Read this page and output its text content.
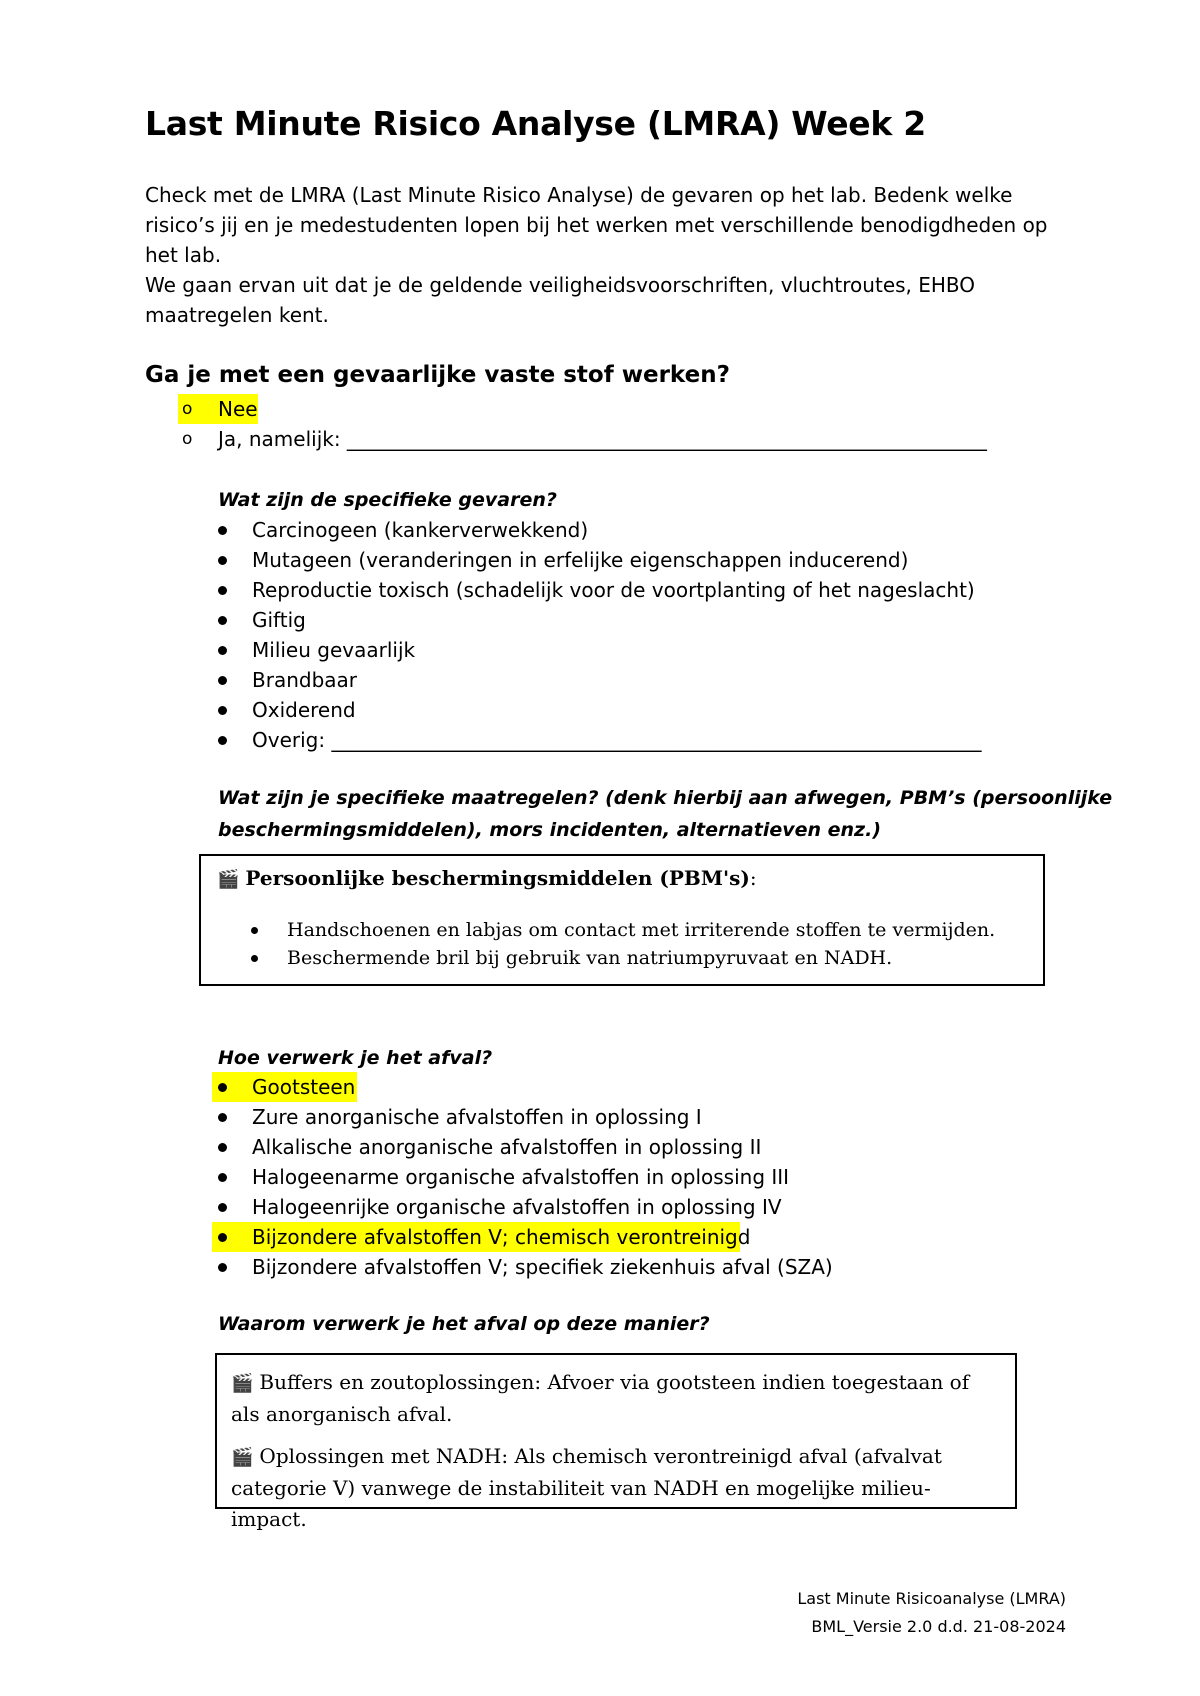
Last Minute Risico Analyse (LMRA) Week 2

Check met de LMRA (Last Minute Risico Analyse) de gevaren op het lab. Bedenk welke risico’s jij en je medestudenten lopen bij het werken met verschillende benodigdheden op het lab.

We gaan ervan uit dat je de geldende veiligheidsvoorschriften, vluchtroutes, EHBO maatregelen kent.

Ga je met een gevaarlijke vaste stof werken?
o Nee
o Ja, namelijk: ________________________________________________________________

Wat zijn de specifieke gevaren?

Carcinogeen (kankerverwekkend)
Mutageen (veranderingen in erfelijke eigenschappen inducerend)
Reproductie toxisch (schadelijk voor de voortplanting of het nageslacht)
Giftig
Milieu gevaarlijk
Brandbaar
Oxiderend
Overig: _________________________________________________________________

Wat zijn je specifieke maatregelen? (denk hierbij aan afwegen, PBM’s (persoonlijke

beschermingsmiddelen), mors incidenten, alternatieven enz.)

🎬 Persoonlijke beschermingsmiddelen (PBM's):
Handschoenen en labjas om contact met irriterende stoffen te vermijden.
Beschermende bril bij gebruik van natriumpyruvaat en NADH.

Hoe verwerk je het afval?

Gootsteen
Zure anorganische afvalstoffen in oplossing I
Alkalische anorganische afvalstoffen in oplossing II
Halogeenarme organische afvalstoffen in oplossing III
Halogeenrijke organische afvalstoffen in oplossing IV
Bijzondere afvalstoffen V; chemisch verontreinigd
Bijzondere afvalstoffen V; specifiek ziekenhuis afval (SZA)

Waarom verwerk je het afval op deze manier?

🎬 Buffers en zoutoplossingen: Afvoer via gootsteen indien toegestaan of als anorganisch afval.

🎬 Oplossingen met NADH: Als chemisch verontreinigd afval (afvalvat categorie V) vanwege de instabiliteit van NADH en mogelijke milieu-impact.

Last Minute Risicoanalyse (LMRA)
BML_Versie 2.0 d.d. 21-08-2024
